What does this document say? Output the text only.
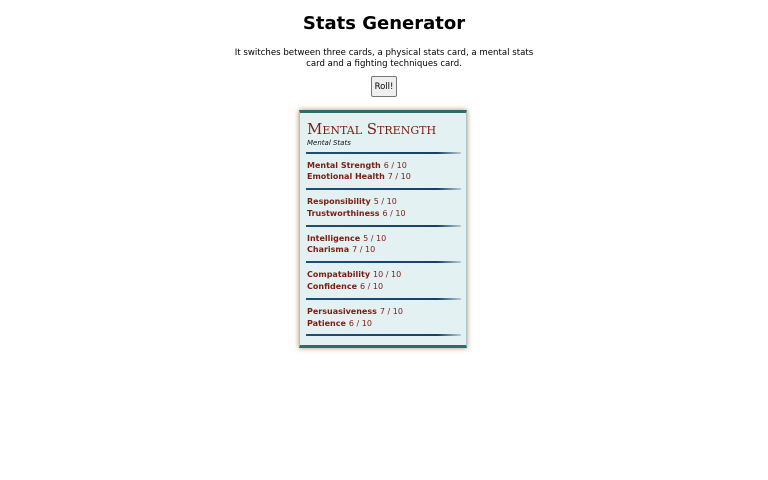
Stats Generator

It switches between three cards, a physical stats card, a mental stats card and a fighting techniques card.

Roll!
Mental Strength

Mental Stats

Mental Strength 6 / 10
Emotional Health 7 / 10
Responsibility 5 / 10
Trustworthiness 6 / 10
Intelligence 5 / 10
Charisma 7 / 10
Compatability 10 / 10
Confidence 6 / 10
Persuasiveness 7 / 10
Patience 6 / 10
